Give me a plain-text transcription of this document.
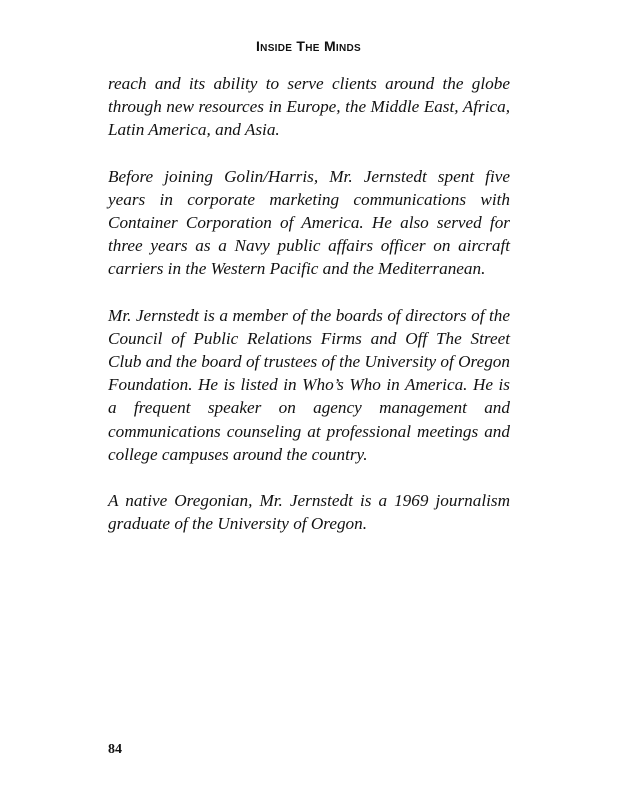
Inside The Minds

reach and its ability to serve clients around the globe through new resources in Europe, the Middle East, Africa, Latin America, and Asia.

Before joining Golin/Harris, Mr. Jernstedt spent five years in corporate marketing communications with Container Corporation of America. He also served for three years as a Navy public affairs officer on aircraft carriers in the Western Pacific and the Mediterranean.

Mr. Jernstedt is a member of the boards of directors of the Council of Public Relations Firms and Off The Street Club and the board of trustees of the University of Oregon Foundation. He is listed in Who’s Who in America. He is a frequent speaker on agency management and communications counseling at professional meetings and college campuses around the country.

A native Oregonian, Mr. Jernstedt is a 1969 journalism graduate of the University of Oregon.

84
